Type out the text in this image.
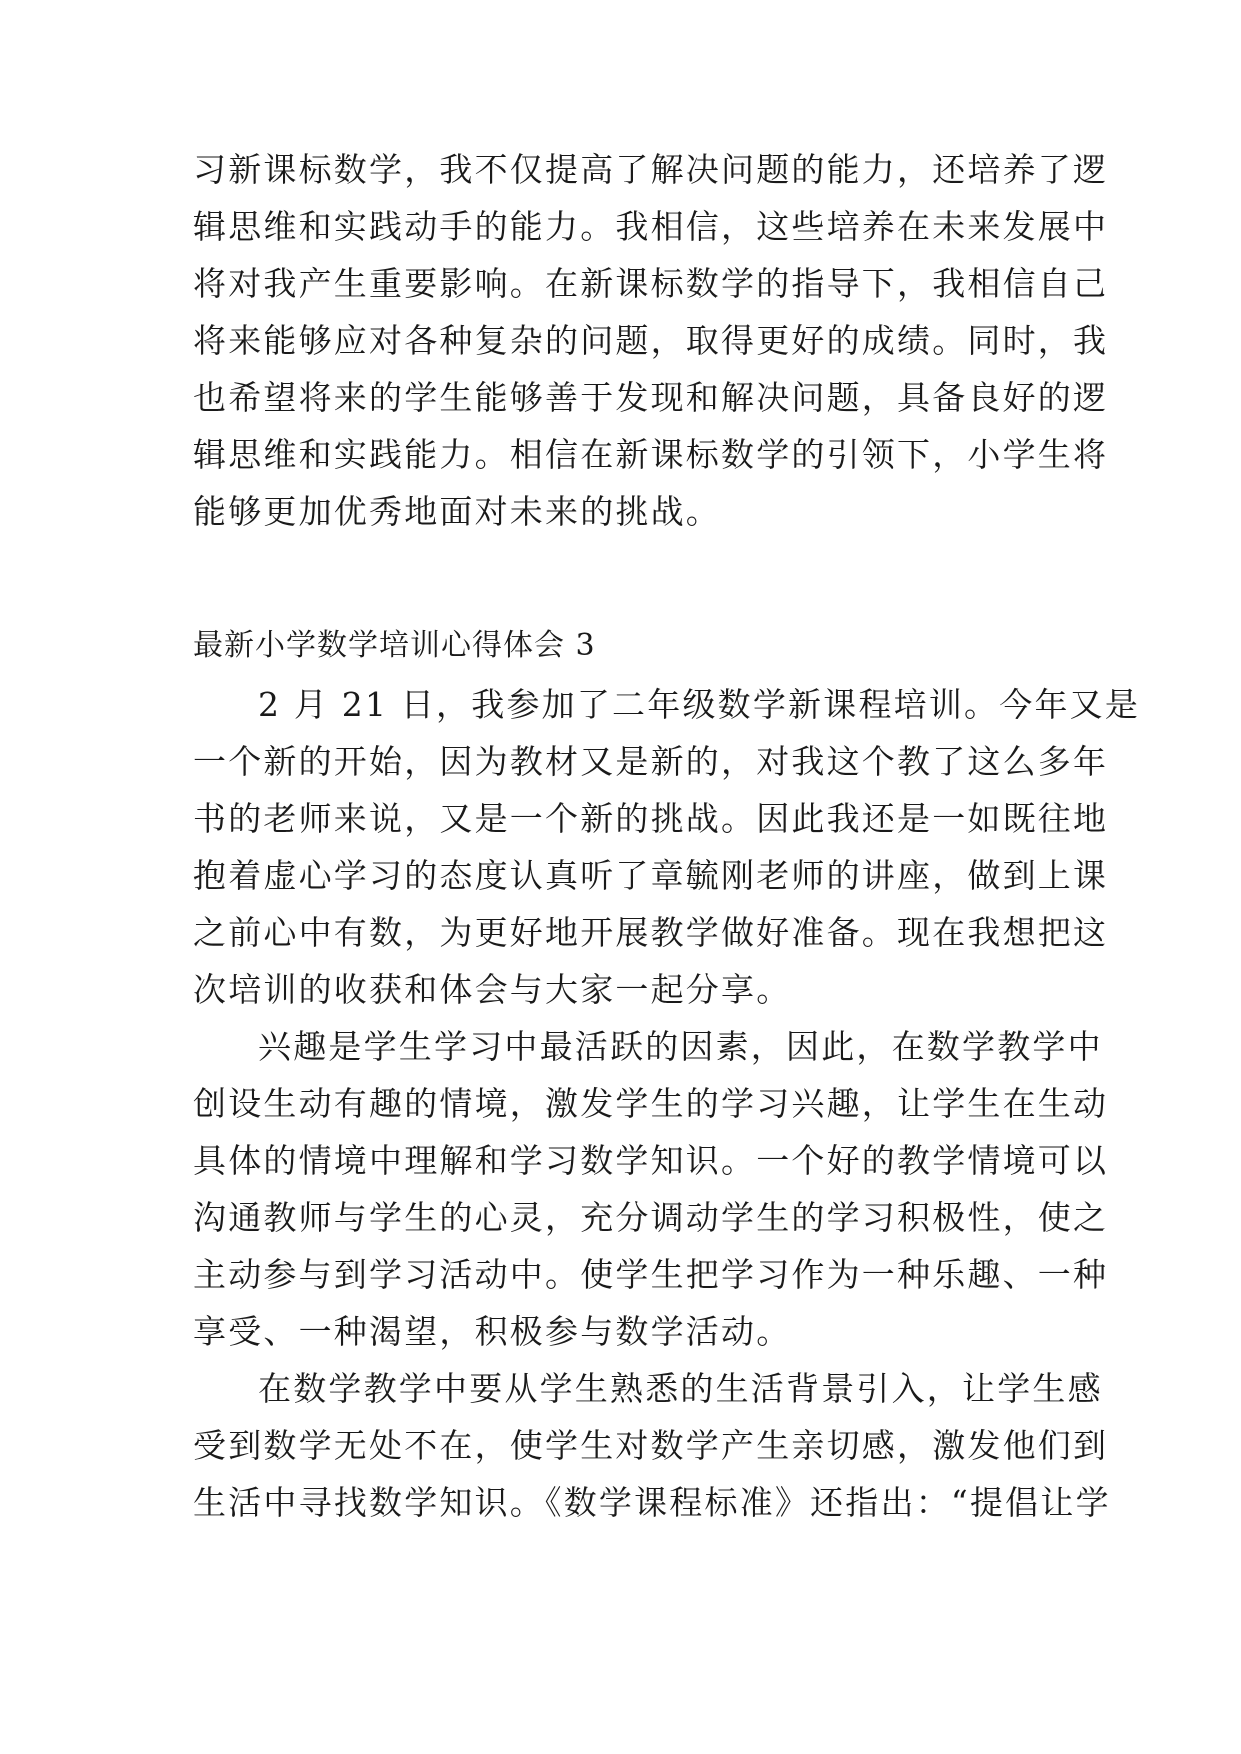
习新课标数学，我不仅提高了解决问题的能力，还培养了逻
辑思维和实践动手的能力。我相信，这些培养在未来发展中
将对我产生重要影响。在新课标数学的指导下，我相信自己
将来能够应对各种复杂的问题，取得更好的成绩。同时，我
也希望将来的学生能够善于发现和解决问题，具备良好的逻
辑思维和实践能力。相信在新课标数学的引领下，小学生将
能够更加优秀地面对未来的挑战。
最新小学数学培训心得体会 3
2 月 21 日，我参加了二年级数学新课程培训。今年又是
一个新的开始，因为教材又是新的，对我这个教了这么多年
书的老师来说，又是一个新的挑战。因此我还是一如既往地
抱着虚心学习的态度认真听了章毓刚老师的讲座，做到上课
之前心中有数，为更好地开展教学做好准备。现在我想把这
次培训的收获和体会与大家一起分享。
兴趣是学生学习中最活跃的因素，因此，在数学教学中
创设生动有趣的情境，激发学生的学习兴趣，让学生在生动
具体的情境中理解和学习数学知识。一个好的教学情境可以
沟通教师与学生的心灵，充分调动学生的学习积极性，使之
主动参与到学习活动中。使学生把学习作为一种乐趣、一种
享受、一种渴望，积极参与数学活动。
在数学教学中要从学生熟悉的生活背景引入，让学生感
受到数学无处不在，使学生对数学产生亲切感，激发他们到
生活中寻找数学知识。《数学课程标准》还指出：“提倡让学
